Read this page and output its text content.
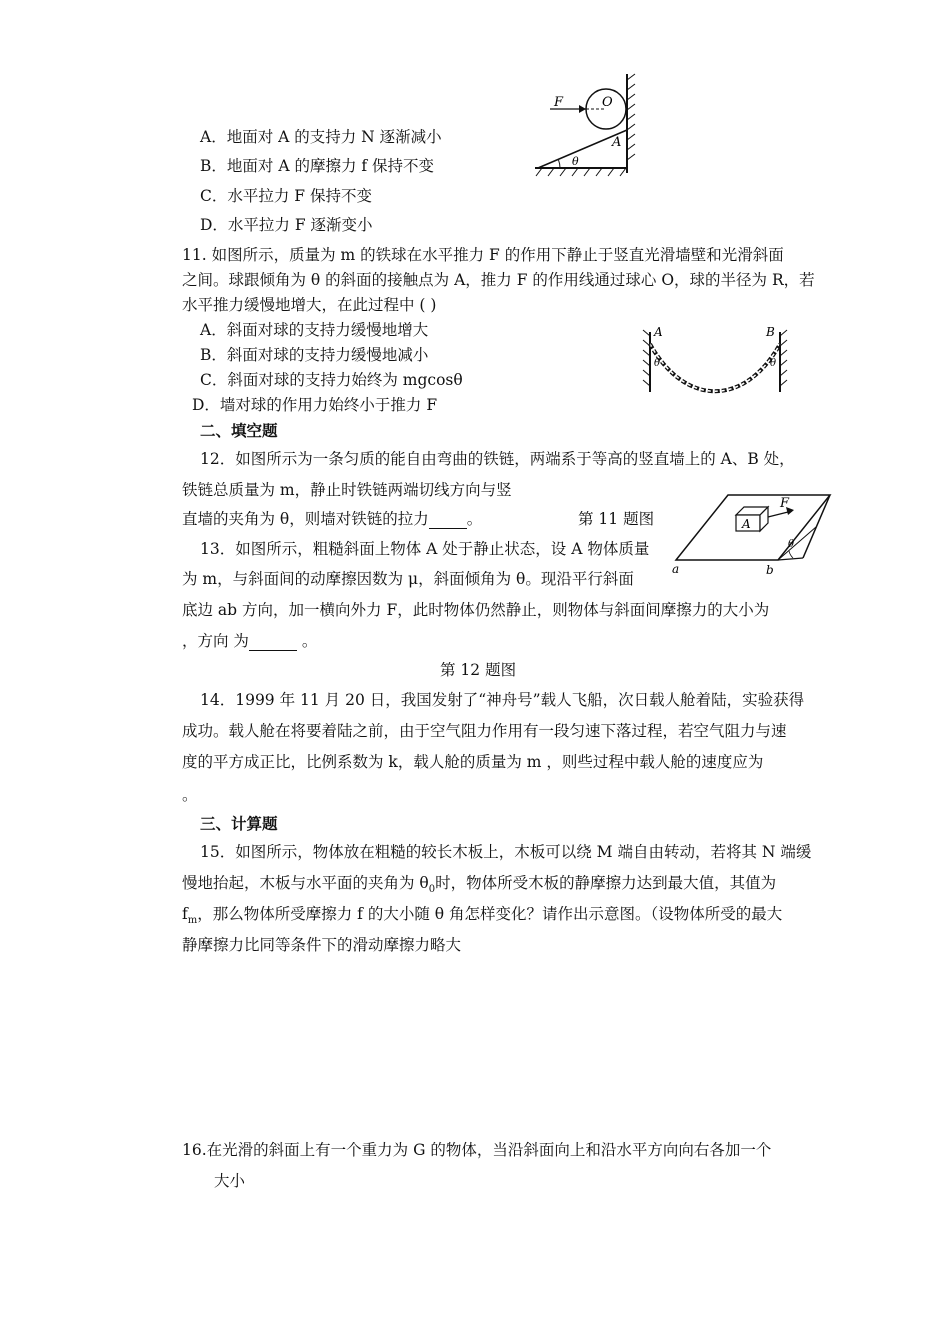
F	O
A
θ
A．地面对 A 的支持力 N 逐渐减小
B．地面对 A 的摩擦力 f 保持不变
C．水平拉力 F 保持不变
D．水平拉力 F 逐渐变小
11. 如图所示，质量为 m 的铁球在水平推力 F 的作用下静止于竖直光滑墙壁和光滑斜面
之间。球跟倾角为 θ 的斜面的接触点为 A，推力 F 的作用线通过球心 O，球的半径为 R，若
水平推力缓慢地增大，在此过程中 ( )
A．斜面对球的支持力缓慢地增大
B．斜面对球的支持力缓慢地减小
C．斜面对球的支持力始终为 mgcosθ
D．墙对球的作用力始终小于推力 F
A	B
θ	θ
二、填空题
12．如图所示为一条匀质的能自由弯曲的铁链，两端系于等高的竖直墙上的 A、B 处，
铁链总质量为 m，静止时铁链两端切线方向与竖
直墙的夹角为 θ，则墙对铁链的拉力 。	第 11 题图	A
F
θ
a	b
13．如图所示，粗糙斜面上物体 A 处于静止状态，设 A 物体质量
为 m，与斜面间的动摩擦因数为 μ，斜面倾角为 θ。现沿平行斜面
底边 ab 方向，加一横向外力 F，此时物体仍然静止，则物体与斜面间摩擦力的大小为
，方向 为	。
第 12 题图
14．1999 年 11 月 20 日，我国发射了“神舟号”载人飞船，次日载人舱着陆，实验获得
成功。载人舱在将要着陆之前，由于空气阻力作用有一段匀速下落过程，若空气阻力与速
度的平方成正比，比例系数为 k，载人舱的质量为 m ，则些过程中载人舱的速度应为
。
三、计算题
15．如图所示，物体放在粗糙的较长木板上，木板可以绕 M 端自由转动，若将其 N 端缓
慢地抬起，木板与水平面的夹角为 $\theta_0$时，物体所受木板的静摩擦力达到最大值，其值为
$f_m$，那么物体所受摩擦力 f 的大小随 θ 角怎样变化？请作出示意图。（设物体所受的最大
静摩擦力比同等条件下的滑动摩擦力略大
16.在光滑的斜面上有一个重力为 G 的物体，当沿斜面向上和沿水平方向向右各加一个
大小
